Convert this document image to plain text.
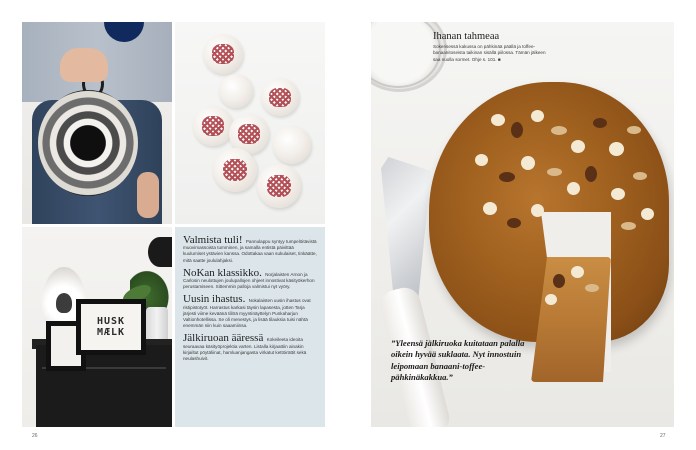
HUSK
MÆLK

Valmista tuli! Pannulappu syntyy tumpelöitävistä muovimassoista tumminen, ja samalla entistä päivittää kuulumiset ystävien kanssa. Odottakaa vaan sukulaiset, tinkäätte, mitä saatte joululahjaksi.

NoKan klassikko. Norjalaisten Arnon ja Carlosin neulottujen joulupallojen ohjeet innostivat käsityökerhon perustamiseen. Sittemmin palloja valmistui nyt vyöry.

Uusin ihastus. Nokalaisten uusin ihastus ovat ristipistotyöt. Harrastus karkasi täysin lapasesta, jotten Tarja järjesti viime keväänä tiliträ myyntinäyttelyn Punkaharjun Valtionhotellissa. Se oli menestys, ja lisää tilauksia tuisi nähtä enemmän niin kuin saaamiinsa.

Jälkiruoan ääressä Kokeileeta ideoita seuraavaa käsityöprojektia varten. Listalla kirjaattiin ainakin kirjailtut pöytäliinat, hamluanjangasta virkatut kettöirättit sekä neulashuivit.

Ihanan tahmeaa
Sokerisessä kakussa on pähkinää päällä ja toffee-banaanitoseista taikinan sisällä piilossa. Tämän jälkeen saa nuolla sormet. Ohje s. 101. ■
”Yleensä jälkiruoka kuitataan palalla oikein hyvää suklaata. Nyt innostuin leipomaan banaani-toffee-pähkinäkakkua.”
26	27
